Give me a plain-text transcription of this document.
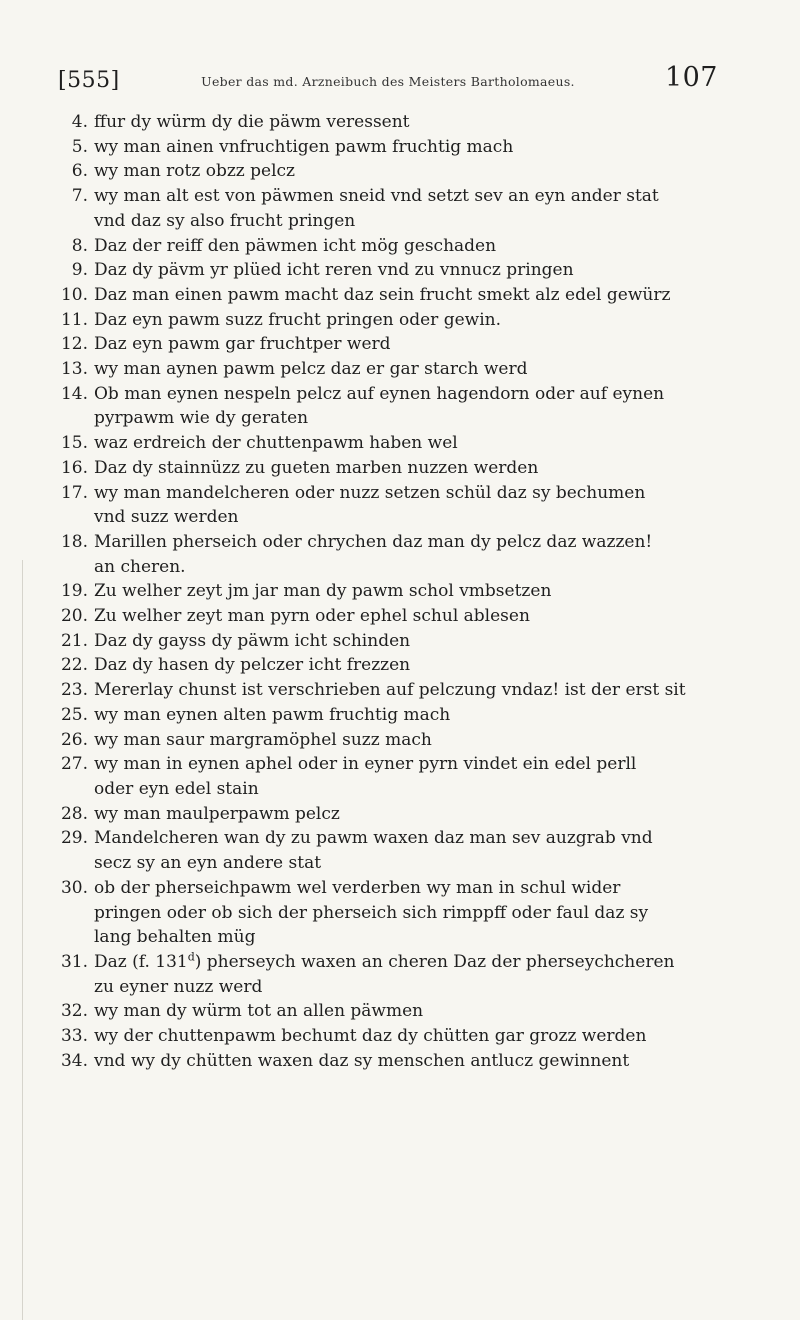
[555]	Ueber das md. Arzneibuch des Meisters Bartholomaeus.	107
4. ffur dy würm dy die päwm veressent
5. wy man ainen vnfruchtigen pawm fruchtig mach
6. wy man rotz obzz pelcz
7. wy man alt est von päwmen sneid vnd setzt sev an eyn ander stat
vnd daz sy also frucht pringen
8. Daz der reiff den päwmen icht mög geschaden
9. Daz dy pävm yr plüed icht reren vnd zu vnnucz pringen
10. Daz man einen pawm macht daz sein frucht smekt alz edel gewürz
11. Daz eyn pawm suzz frucht pringen oder gewin.
12. Daz eyn pawm gar fruchtper werd
13. wy man aynen pawm pelcz daz er gar starch werd
14. Ob man eynen nespeln pelcz auf eynen hagendorn oder auf eynen
pyrpawm wie dy geraten
15. waz erdreich der chuttenpawm haben wel
16. Daz dy stainnüzz zu gueten marben nuzzen werden
17. wy man mandelcheren oder nuzz setzen schül daz sy bechumen
vnd suzz werden
18. Marillen pherseich oder chrychen daz man dy pelcz daz wazzen!
an cheren.
19. Zu welher zeyt jm jar man dy pawm schol vmbsetzen
20. Zu welher zeyt man pyrn oder ephel schul ablesen
21. Daz dy gayss dy päwm icht schinden
22. Daz dy hasen dy pelczer icht frezzen
23. Mererlay chunst ist verschrieben auf pelczung vndaz! ist der erst sit
25. wy man eynen alten pawm fruchtig mach
26. wy man saur margramöphel suzz mach
27. wy man in eynen aphel oder in eyner pyrn vindet ein edel perll
oder eyn edel stain
28. wy man maulperpawm pelcz
29. Mandelcheren wan dy zu pawm waxen daz man sev auzgrab vnd
secz sy an eyn andere stat
30. ob der pherseichpawm wel verderben wy man in schul wider
pringen oder ob sich der pherseich sich rimppff oder faul daz sy
lang behalten müg
31. Daz (f. 131$^d$) pherseych waxen an cheren Daz der pherseychcheren
zu eyner nuzz werd
32. wy man dy würm tot an allen päwmen
33. wy der chuttenpawm bechumt daz dy chütten gar grozz werden
34. vnd wy dy chütten waxen daz sy menschen antlucz gewinnent
